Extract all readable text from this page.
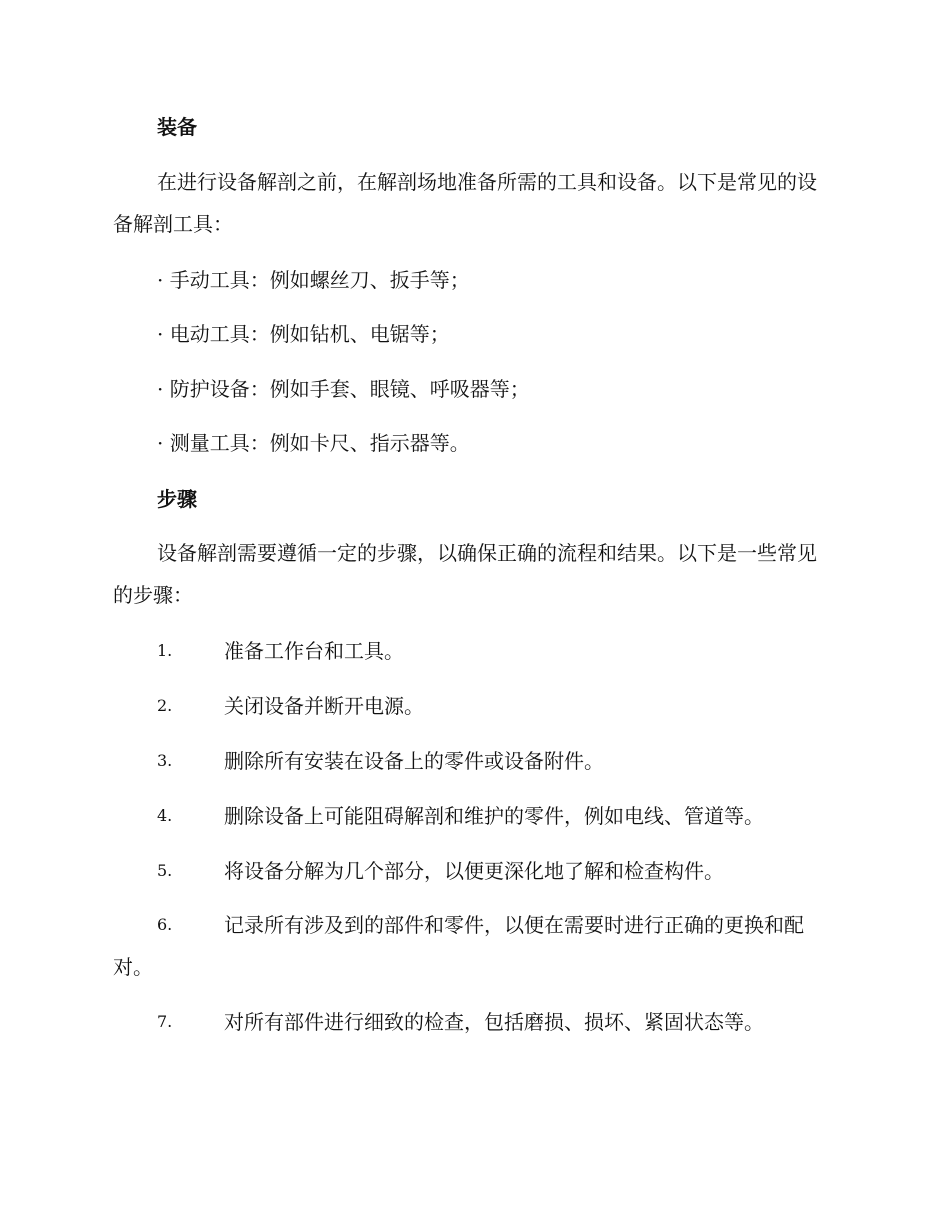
装备
在进行设备解剖之前，在解剖场地准备所需的工具和设备。以下是常见的设备解剖工具：
· 手动工具：例如螺丝刀、扳手等；
· 电动工具：例如钻机、电锯等；
· 防护设备：例如手套、眼镜、呼吸器等；
· 测量工具：例如卡尺、指示器等。
步骤
设备解剖需要遵循一定的步骤，以确保正确的流程和结果。以下是一些常见的步骤：
1.	准备工作台和工具。
2.	关闭设备并断开电源。
3.	删除所有安装在设备上的零件或设备附件。
4.	删除设备上可能阻碍解剖和维护的零件，例如电线、管道等。
5.	将设备分解为几个部分，以便更深化地了解和检查构件。
6.	记录所有涉及到的部件和零件，以便在需要时进行正确的更换和配对。
7.	对所有部件进行细致的检查，包括磨损、损坏、紧固状态等。
